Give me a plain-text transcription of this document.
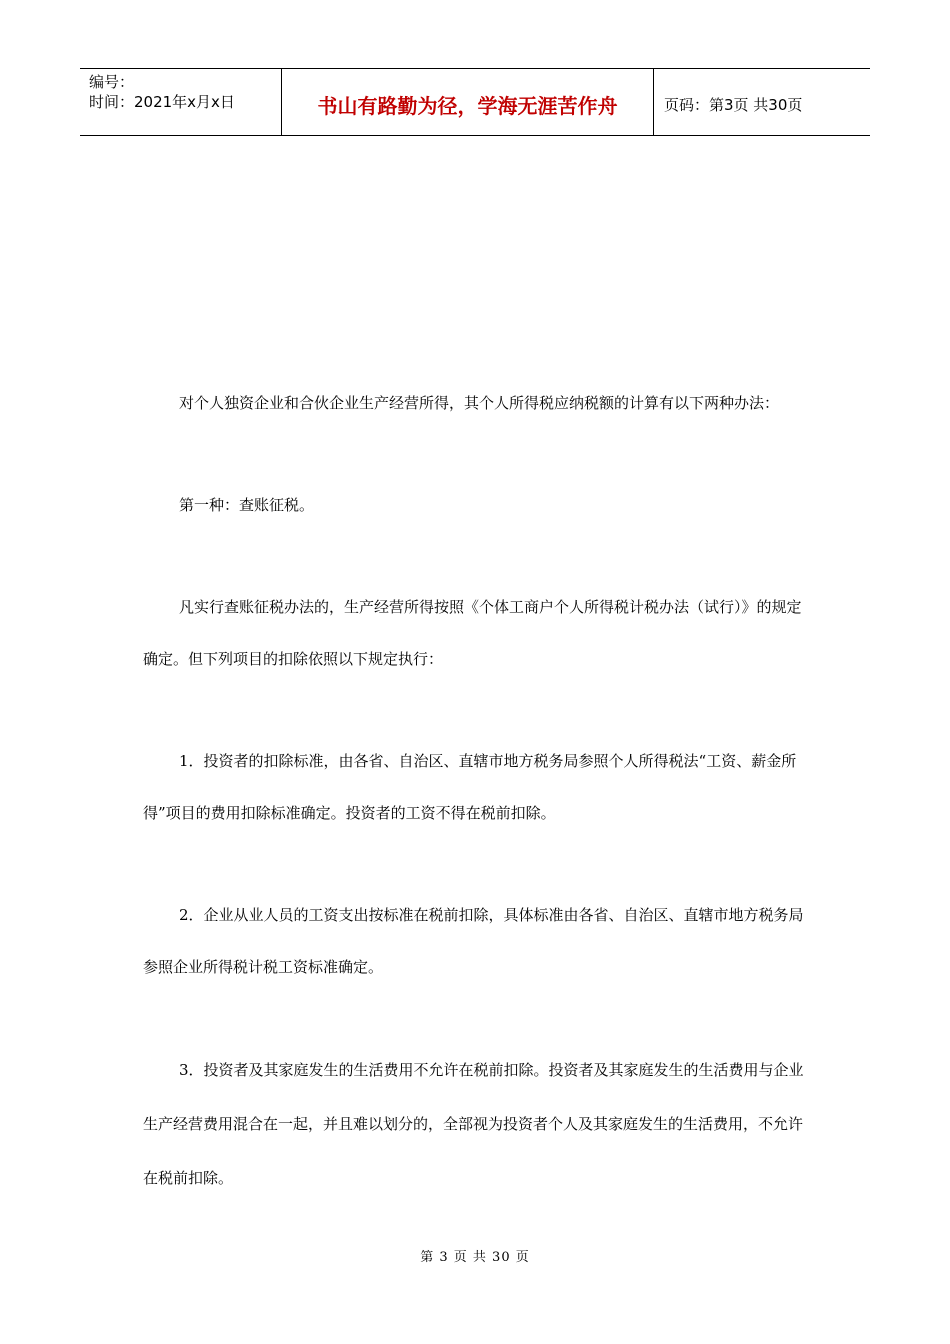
编号：
时间：2021年x月x日	书山有路勤为径，学海无涯苦作舟	页码：第3页 共30页

对个人独资企业和合伙企业生产经营所得，其个人所得税应纳税额的计算有以下两种办法：

第一种：查账征税。

凡实行查账征税办法的，生产经营所得按照《个体工商户个人所得税计税办法（试行）》的规定确定。但下列项目的扣除依照以下规定执行：

1．投资者的扣除标准，由各省、自治区、直辖市地方税务局参照个人所得税法“工资、薪金所得”项目的费用扣除标准确定。投资者的工资不得在税前扣除。

2．企业从业人员的工资支出按标准在税前扣除，具体标准由各省、自治区、直辖市地方税务局参照企业所得税计税工资标准确定。

3．投资者及其家庭发生的生活费用不允许在税前扣除。投资者及其家庭发生的生活费用与企业生产经营费用混合在一起，并且难以划分的，全部视为投资者个人及其家庭发生的生活费用，不允许在税前扣除。

第 3 页 共 30 页
